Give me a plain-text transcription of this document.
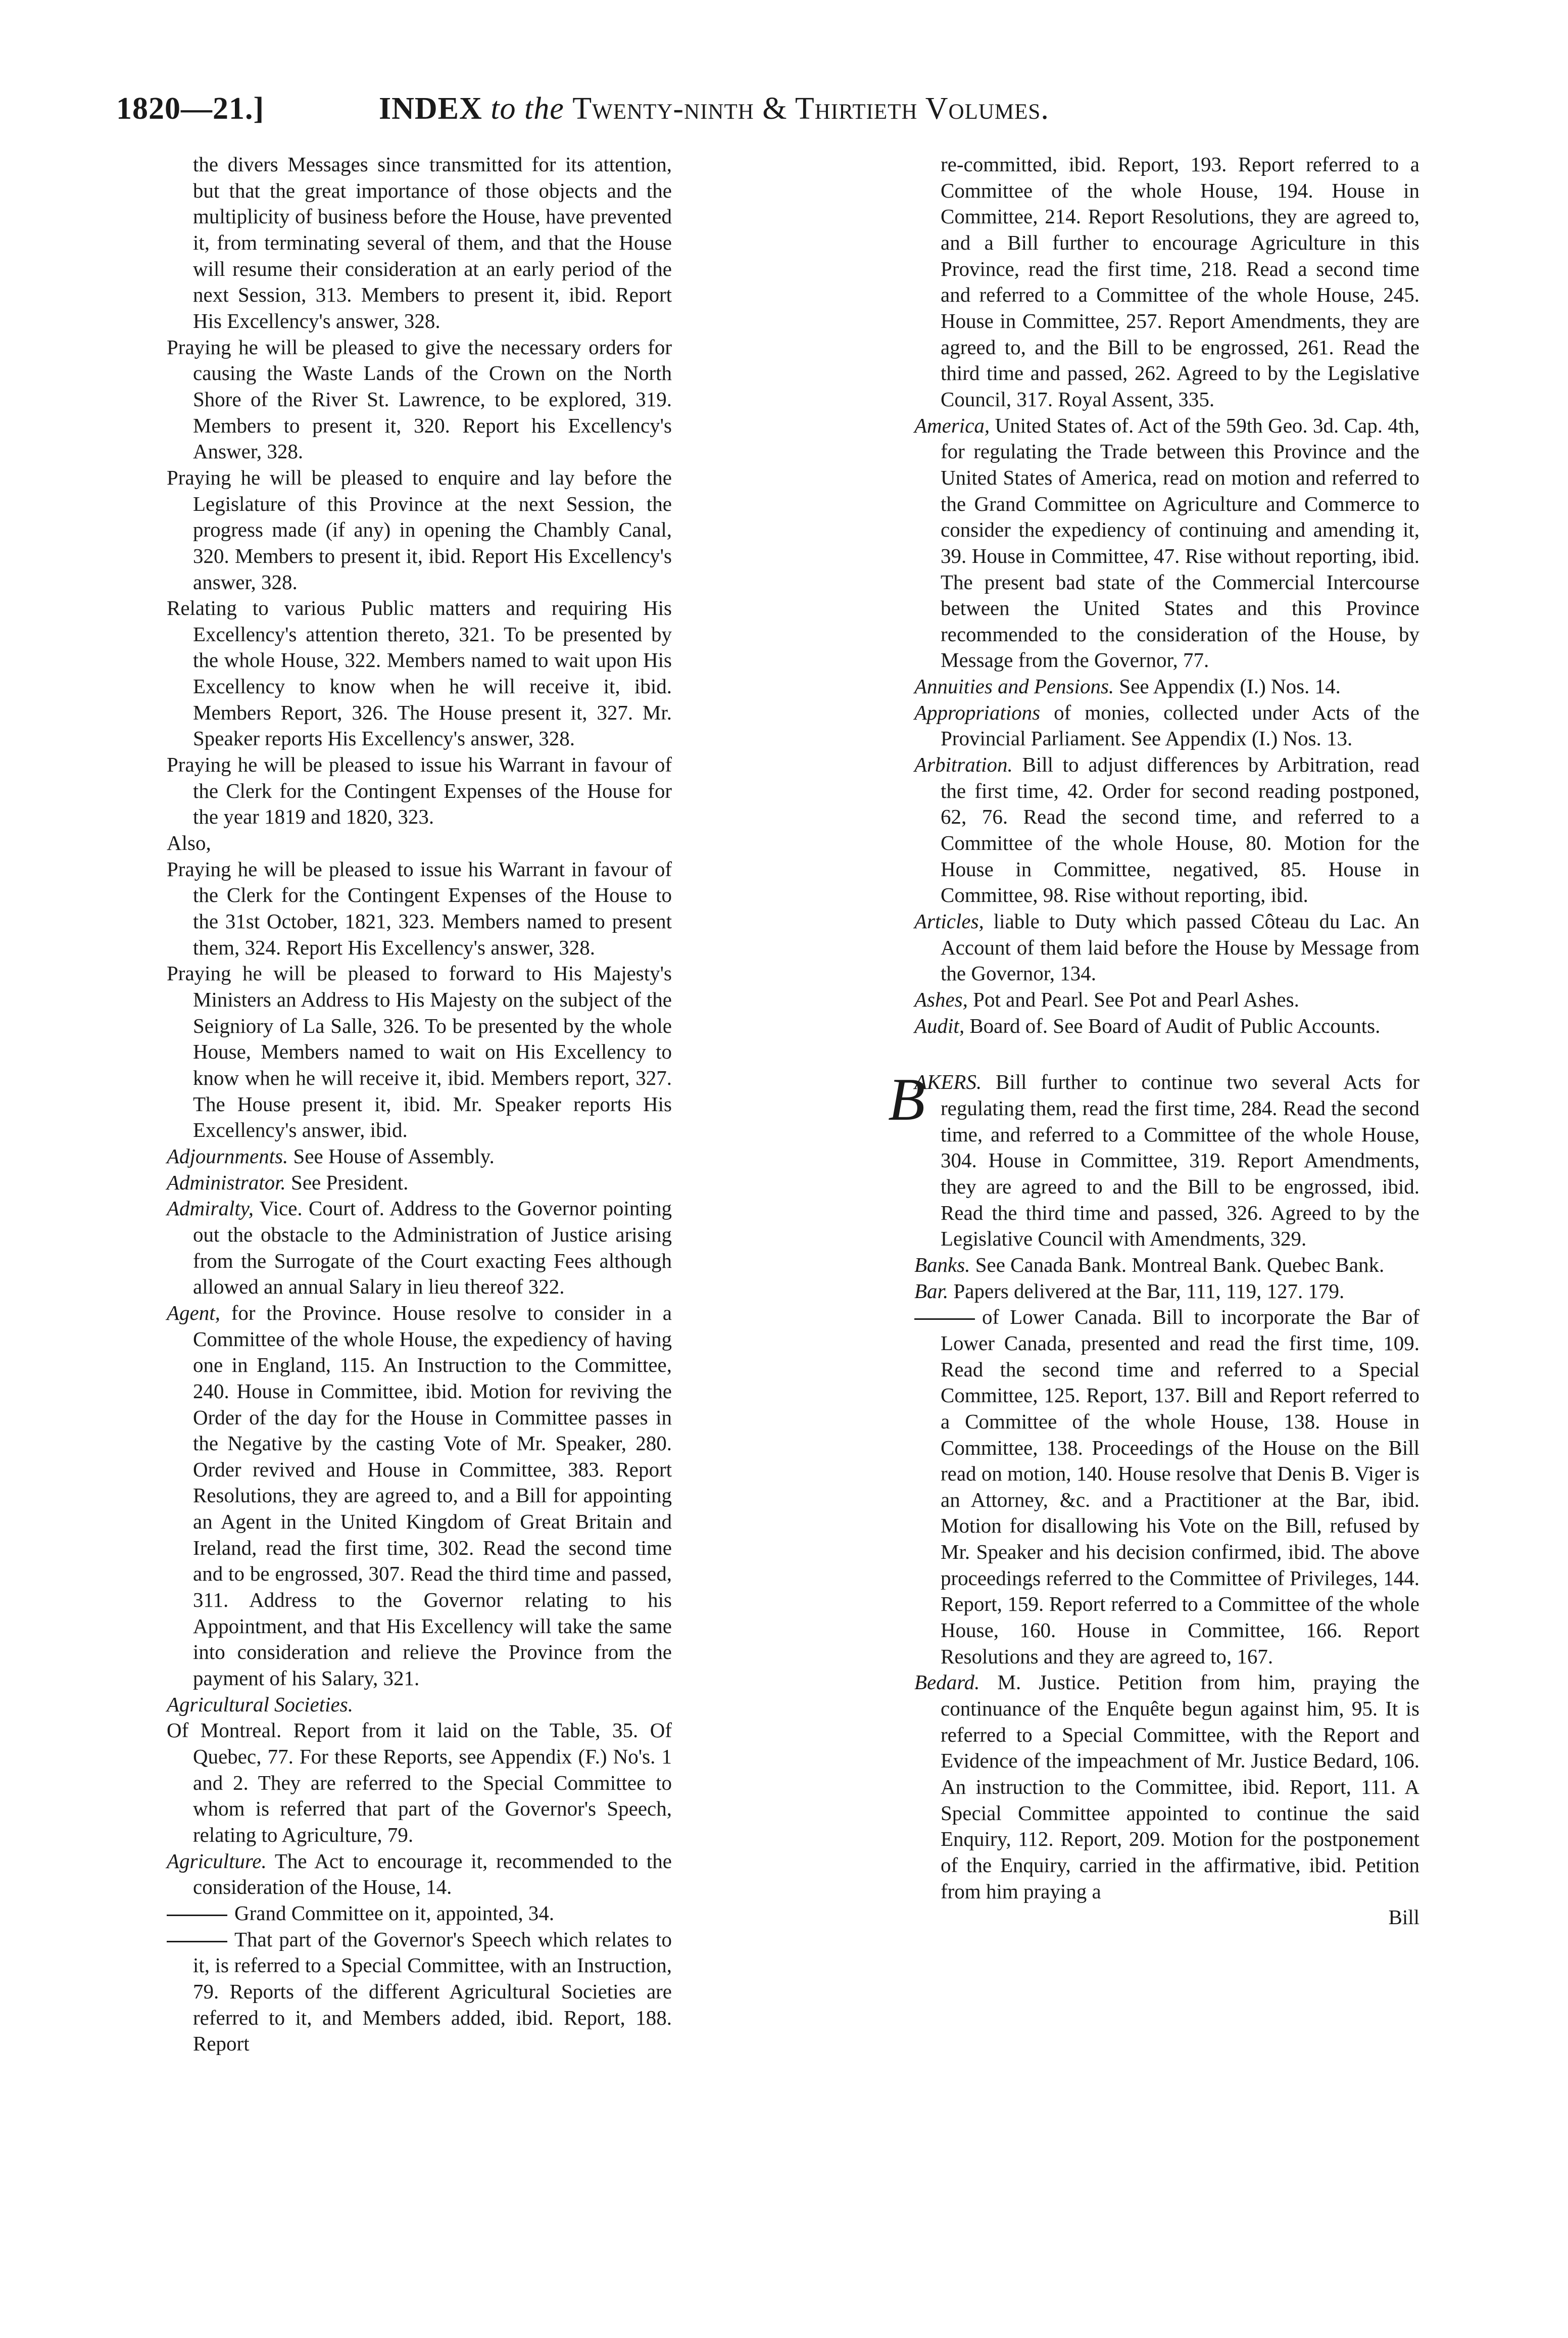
1820—21.]	INDEX to the Twenty-ninth & Thirtieth Volumes.

the divers Messages since transmitted for its attention, but that the great importance of those objects and the multiplicity of business before the House, have prevented it, from terminating several of them, and that the House will resume their consideration at an early period of the next Session, 313. Members to present it, ibid. Report His Excellency's answer, 328.

Praying he will be pleased to give the necessary orders for causing the Waste Lands of the Crown on the North Shore of the River St. Lawrence, to be explored, 319. Members to present it, 320. Report his Excellency's Answer, 328.

Praying he will be pleased to enquire and lay before the Legislature of this Province at the next Session, the progress made (if any) in opening the Chambly Canal, 320. Members to present it, ibid. Report His Excellency's answer, 328.

Relating to various Public matters and requiring His Excellency's attention thereto, 321. To be presented by the whole House, 322. Members named to wait upon His Excellency to know when he will receive it, ibid. Members Report, 326. The House present it, 327. Mr. Speaker reports His Excellency's answer, 328.

Praying he will be pleased to issue his Warrant in favour of the Clerk for the Contingent Expenses of the House for the year 1819 and 1820, 323.

Also,

Praying he will be pleased to issue his Warrant in favour of the Clerk for the Contingent Expenses of the House to the 31st October, 1821, 323. Members named to present them, 324. Report His Excellency's answer, 328.

Praying he will be pleased to forward to His Majesty's Ministers an Address to His Majesty on the subject of the Seigniory of La Salle, 326. To be presented by the whole House, Members named to wait on His Excellency to know when he will receive it, ibid. Members report, 327. The House present it, ibid. Mr. Speaker reports His Excellency's answer, ibid.

Adjournments. See House of Assembly.

Administrator. See President.

Admiralty, Vice. Court of. Address to the Governor pointing out the obstacle to the Administration of Justice arising from the Surrogate of the Court exacting Fees although allowed an annual Salary in lieu thereof 322.

Agent, for the Province. House resolve to consider in a Committee of the whole House, the expediency of having one in England, 115. An Instruction to the Committee, 240. House in Committee, ibid. Motion for reviving the Order of the day for the House in Committee passes in the Negative by the casting Vote of Mr. Speaker, 280. Order revived and House in Committee, 383. Report Resolutions, they are agreed to, and a Bill for appointing an Agent in the United Kingdom of Great Britain and Ireland, read the first time, 302. Read the second time and to be engrossed, 307. Read the third time and passed, 311. Address to the Governor relating to his Appointment, and that His Excellency will take the same into consideration and relieve the Province from the payment of his Salary, 321.

Agricultural Societies.

Of Montreal. Report from it laid on the Table, 35. Of Quebec, 77. For these Reports, see Appendix (F.) No's. 1 and 2. They are referred to the Special Committee to whom is referred that part of the Governor's Speech, relating to Agriculture, 79.

Agriculture. The Act to encourage it, recommended to the consideration of the House, 14.

Grand Committee on it, appointed, 34.

That part of the Governor's Speech which relates to it, is referred to a Special Committee, with an Instruction, 79. Reports of the different Agricultural Societies are referred to it, and Members added, ibid. Report, 188. Report

re-committed, ibid. Report, 193. Report referred to a Committee of the whole House, 194. House in Committee, 214. Report Resolutions, they are agreed to, and a Bill further to encourage Agriculture in this Province, read the first time, 218. Read a second time and referred to a Committee of the whole House, 245. House in Committee, 257. Report Amendments, they are agreed to, and the Bill to be engrossed, 261. Read the third time and passed, 262. Agreed to by the Legislative Council, 317. Royal Assent, 335.

America, United States of. Act of the 59th Geo. 3d. Cap. 4th, for regulating the Trade between this Province and the United States of America, read on motion and referred to the Grand Committee on Agriculture and Commerce to consider the expediency of continuing and amending it, 39. House in Committee, 47. Rise without reporting, ibid. The present bad state of the Commercial Intercourse between the United States and this Province recommended to the consideration of the House, by Message from the Governor, 77.

Annuities and Pensions. See Appendix (I.) Nos. 14.

Appropriations of monies, collected under Acts of the Provincial Parliament. See Appendix (I.) Nos. 13.

Arbitration. Bill to adjust differences by Arbitration, read the first time, 42. Order for second reading postponed, 62, 76. Read the second time, and referred to a Committee of the whole House, 80. Motion for the House in Committee, negatived, 85. House in Committee, 98. Rise without reporting, ibid.

Articles, liable to Duty which passed Côteau du Lac. An Account of them laid before the House by Message from the Governor, 134.

Ashes, Pot and Pearl. See Pot and Pearl Ashes.

Audit, Board of. See Board of Audit of Public Accounts.

B
AKERS. Bill further to continue two several Acts for regulating them, read the first time, 284. Read the second time, and referred to a Committee of the whole House, 304. House in Committee, 319. Report Amendments, they are agreed to and the Bill to be engrossed, ibid. Read the third time and passed, 326. Agreed to by the Legislative Council with Amendments, 329.

Banks. See Canada Bank. Montreal Bank. Quebec Bank.

Bar. Papers delivered at the Bar, 111, 119, 127. 179.

of Lower Canada. Bill to incorporate the Bar of Lower Canada, presented and read the first time, 109. Read the second time and referred to a Special Committee, 125. Report, 137. Bill and Report referred to a Committee of the whole House, 138. House in Committee, 138. Proceedings of the House on the Bill read on motion, 140. House resolve that Denis B. Viger is an Attorney, &c. and a Practitioner at the Bar, ibid. Motion for disallowing his Vote on the Bill, refused by Mr. Speaker and his decision confirmed, ibid. The above proceedings referred to the Committee of Privileges, 144. Report, 159. Report referred to a Committee of the whole House, 160. House in Committee, 166. Report Resolutions and they are agreed to, 167.

Bedard. M. Justice. Petition from him, praying the continuance of the Enquête begun against him, 95. It is referred to a Special Committee, with the Report and Evidence of the impeachment of Mr. Justice Bedard, 106. An instruction to the Committee, ibid. Report, 111. A Special Committee appointed to continue the said Enquiry, 112. Report, 209. Motion for the postponement of the Enquiry, carried in the affirmative, ibid. Petition from him praying a

Bill
